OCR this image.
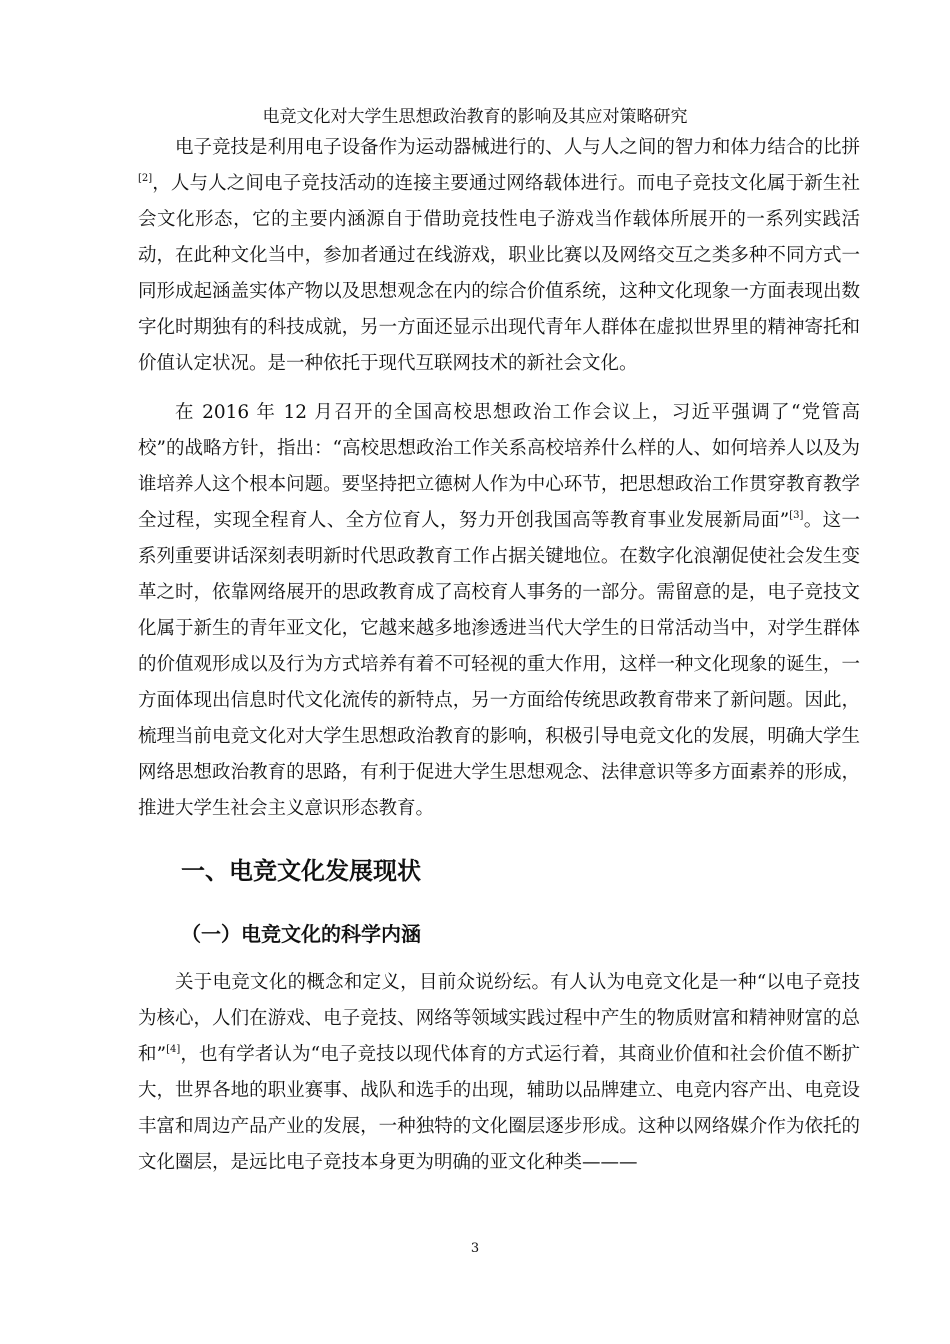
电竞文化对大学生思想政治教育的影响及其应对策略研究

电子竞技是利用电子设备作为运动器械进行的、人与人之间的智力和体力结合的比拼[2]，人与人之间电子竞技活动的连接主要通过网络载体进行。而电子竞技文化属于新生社会文化形态，它的主要内涵源自于借助竞技性电子游戏当作载体所展开的一系列实践活动，在此种文化当中，参加者通过在线游戏，职业比赛以及网络交互之类多种不同方式一同形成起涵盖实体产物以及思想观念在内的综合价值系统，这种文化现象一方面表现出数字化时期独有的科技成就，另一方面还显示出现代青年人群体在虚拟世界里的精神寄托和价值认定状况。是一种依托于现代互联网技术的新社会文化。

在 2016 年 12 月召开的全国高校思想政治工作会议上，习近平强调了“党管高校”的战略方针，指出：“高校思想政治工作关系高校培养什么样的人、如何培养人以及为谁培养人这个根本问题。要坚持把立德树人作为中心环节，把思想政治工作贯穿教育教学全过程，实现全程育人、全方位育人，努力开创我国高等教育事业发展新局面”[3]。这一系列重要讲话深刻表明新时代思政教育工作占据关键地位。在数字化浪潮促使社会发生变革之时，依靠网络展开的思政教育成了高校育人事务的一部分。需留意的是，电子竞技文化属于新生的青年亚文化，它越来越多地渗透进当代大学生的日常活动当中，对学生群体的价值观形成以及行为方式培养有着不可轻视的重大作用，这样一种文化现象的诞生，一方面体现出信息时代文化流传的新特点，另一方面给传统思政教育带来了新问题。因此，梳理当前电竞文化对大学生思想政治教育的影响，积极引导电竞文化的发展，明确大学生网络思想政治教育的思路，有利于促进大学生思想观念、法律意识等多方面素养的形成，推进大学生社会主义意识形态教育。

一、电竞文化发展现状
（一）电竞文化的科学内涵

关于电竞文化的概念和定义，目前众说纷纭。有人认为电竞文化是一种“以电子竞技为核心，人们在游戏、电子竞技、网络等领域实践过程中产生的物质财富和精神财富的总和”[4]，也有学者认为“电子竞技以现代体育的方式运行着，其商业价值和社会价值不断扩大，世界各地的职业赛事、战队和选手的出现，辅助以品牌建立、电竞内容产出、电竞设丰富和周边产品产业的发展，一种独特的文化圈层逐步形成。这种以网络媒介作为依托的文化圈层，是远比电子竞技本身更为明确的亚文化种类———

3
